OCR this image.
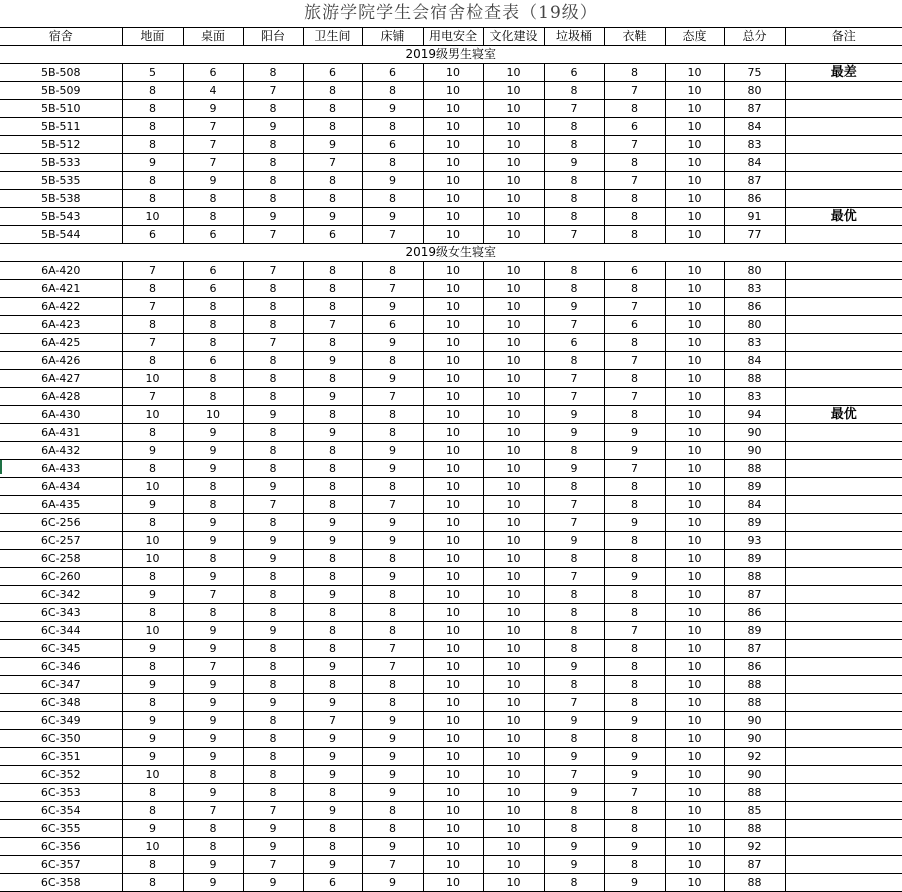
旅游学院学生会宿舍检查表（19级）
宿舍	地面	桌面	阳台	卫生间	床铺	用电安全	文化建设	垃圾桶	衣鞋	态度	总分	备注
2019级男生寝室												
5B-508	5	6	8	6	6	10	10	6	8	10	75	最差
5B-509	8	4	7	8	8	10	10	8	7	10	80	
5B-510	8	9	8	8	9	10	10	7	8	10	87	
5B-511	8	7	9	8	8	10	10	8	6	10	84	
5B-512	8	7	8	9	6	10	10	8	7	10	83	
5B-533	9	7	8	7	8	10	10	9	8	10	84	
5B-535	8	9	8	8	9	10	10	8	7	10	87	
5B-538	8	8	8	8	8	10	10	8	8	10	86	
5B-543	10	8	9	9	9	10	10	8	8	10	91	最优
5B-544	6	6	7	6	7	10	10	7	8	10	77	
2019级女生寝室												
6A-420	7	6	7	8	8	10	10	8	6	10	80	
6A-421	8	6	8	8	7	10	10	8	8	10	83	
6A-422	7	8	8	8	9	10	10	9	7	10	86	
6A-423	8	8	8	7	6	10	10	7	6	10	80	
6A-425	7	8	7	8	9	10	10	6	8	10	83	
6A-426	8	6	8	9	8	10	10	8	7	10	84	
6A-427	10	8	8	8	9	10	10	7	8	10	88	
6A-428	7	8	8	9	7	10	10	7	7	10	83	
6A-430	10	10	9	8	8	10	10	9	8	10	94	最优
6A-431	8	9	8	9	8	10	10	9	9	10	90	
6A-432	9	9	8	8	9	10	10	8	9	10	90	
6A-433	8	9	8	8	9	10	10	9	7	10	88	
6A-434	10	8	9	8	8	10	10	8	8	10	89	
6A-435	9	8	7	8	7	10	10	7	8	10	84	
6C-256	8	9	8	9	9	10	10	7	9	10	89	
6C-257	10	9	9	9	9	10	10	9	8	10	93	
6C-258	10	8	9	8	8	10	10	8	8	10	89	
6C-260	8	9	8	8	9	10	10	7	9	10	88	
6C-342	9	7	8	9	8	10	10	8	8	10	87	
6C-343	8	8	8	8	8	10	10	8	8	10	86	
6C-344	10	9	9	8	8	10	10	8	7	10	89	
6C-345	9	9	8	8	7	10	10	8	8	10	87	
6C-346	8	7	8	9	7	10	10	9	8	10	86	
6C-347	9	9	8	8	8	10	10	8	8	10	88	
6C-348	8	9	9	9	8	10	10	7	8	10	88	
6C-349	9	9	8	7	9	10	10	9	9	10	90	
6C-350	9	9	8	9	9	10	10	8	8	10	90	
6C-351	9	9	8	9	9	10	10	9	9	10	92	
6C-352	10	8	8	9	9	10	10	7	9	10	90	
6C-353	8	9	8	8	9	10	10	9	7	10	88	
6C-354	8	7	7	9	8	10	10	8	8	10	85	
6C-355	9	8	9	8	8	10	10	8	8	10	88	
6C-356	10	8	9	8	9	10	10	9	9	10	92	
6C-357	8	9	7	9	7	10	10	9	8	10	87	
6C-358	8	9	9	6	9	10	10	8	9	10	88	
